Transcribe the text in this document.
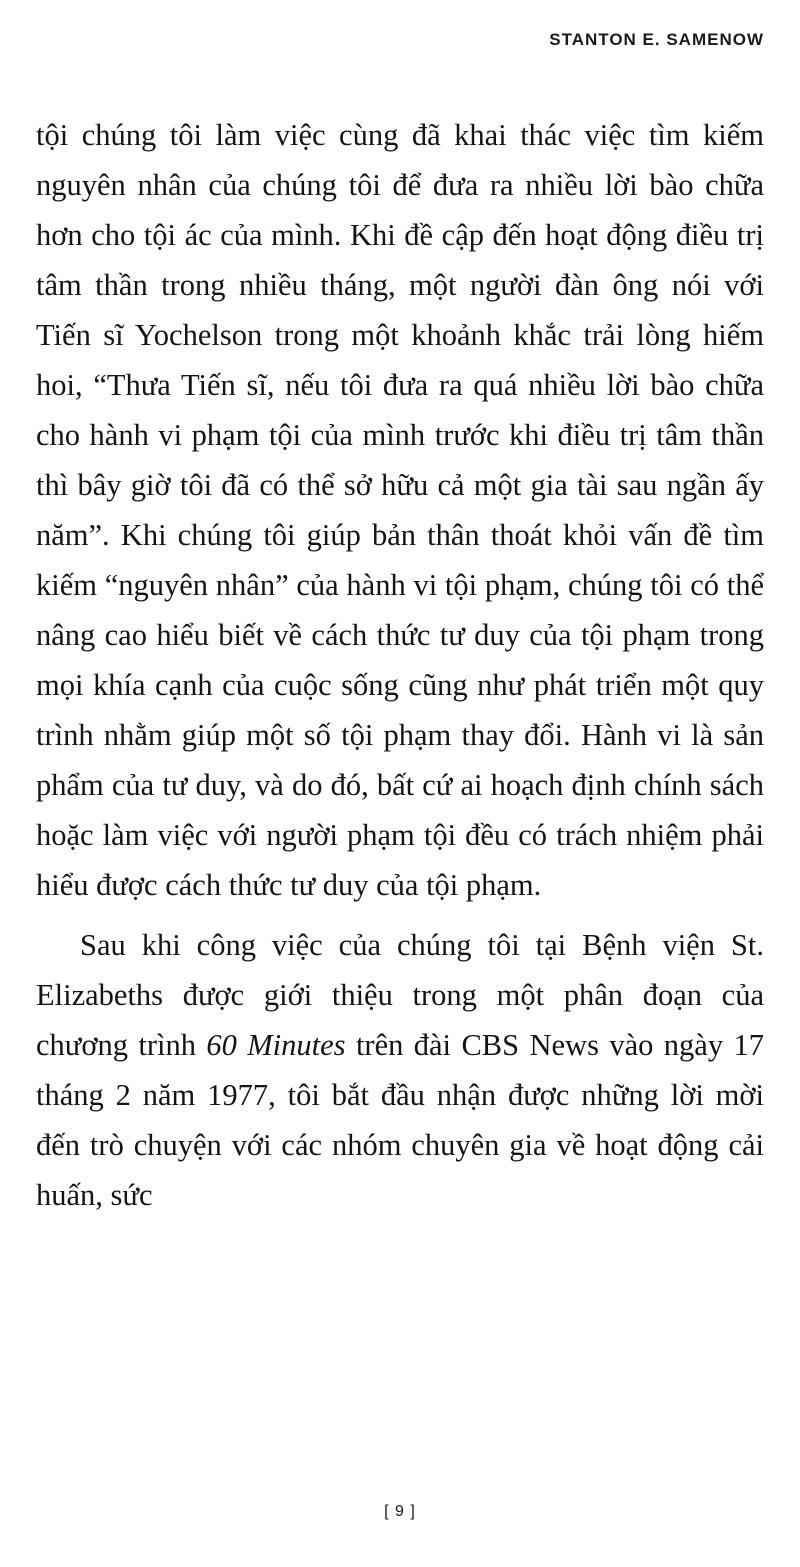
STANTON E. SAMENOW

tội chúng tôi làm việc cùng đã khai thác việc tìm kiếm nguyên nhân của chúng tôi để đưa ra nhiều lời bào chữa hơn cho tội ác của mình. Khi đề cập đến hoạt động điều trị tâm thần trong nhiều tháng, một người đàn ông nói với Tiến sĩ Yochelson trong một khoảnh khắc trải lòng hiếm hoi, “Thưa Tiến sĩ, nếu tôi đưa ra quá nhiều lời bào chữa cho hành vi phạm tội của mình trước khi điều trị tâm thần thì bây giờ tôi đã có thể sở hữu cả một gia tài sau ngần ấy năm”. Khi chúng tôi giúp bản thân thoát khỏi vấn đề tìm kiếm “nguyên nhân” của hành vi tội phạm, chúng tôi có thể nâng cao hiểu biết về cách thức tư duy của tội phạm trong mọi khía cạnh của cuộc sống cũng như phát triển một quy trình nhằm giúp một số tội phạm thay đổi. Hành vi là sản phẩm của tư duy, và do đó, bất cứ ai hoạch định chính sách hoặc làm việc với người phạm tội đều có trách nhiệm phải hiểu được cách thức tư duy của tội phạm.

Sau khi công việc của chúng tôi tại Bệnh viện St. Elizabeths được giới thiệu trong một phân đoạn của chương trình 60 Minutes trên đài CBS News vào ngày 17 tháng 2 năm 1977, tôi bắt đầu nhận được những lời mời đến trò chuyện với các nhóm chuyên gia về hoạt động cải huấn, sức

[ 9 ]
